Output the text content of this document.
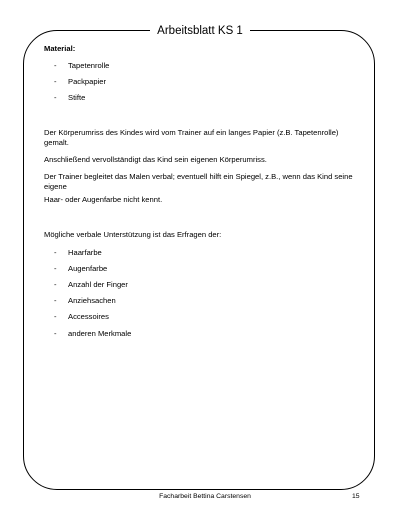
Arbeitsblatt KS 1
Material:
- Tapetenrolle
- Packpapier
- Stifte

Der Körperumriss des Kindes wird vom Trainer auf ein langes Papier (z.B. Tapetenrolle) gemalt.

Anschließend vervollständigt das Kind sein eigenen Körperumriss.

Der Trainer begleitet das Malen verbal; eventuell hilft ein Spiegel, z.B., wenn das Kind seine eigene

Haar- oder Augenfarbe nicht kennt.

Mögliche verbale Unterstützung ist das Erfragen der:

- Haarfarbe
- Augenfarbe
- Anzahl der Finger
- Anziehsachen
- Accessoires
- anderen Merkmale
Facharbeit Bettina Carstensen	15
